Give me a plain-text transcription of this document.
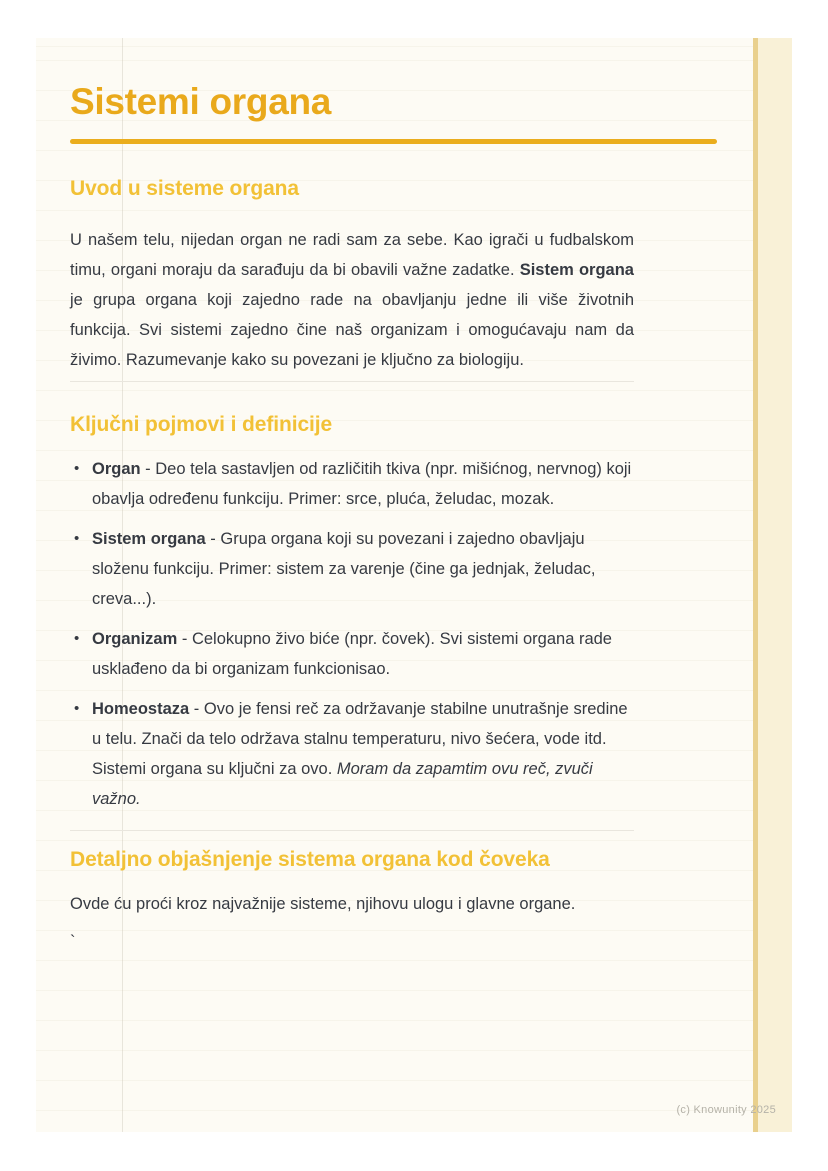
Sistemi organa
Uvod u sisteme organa

U našem telu, nijedan organ ne radi sam za sebe. Kao igrači u fudbalskom timu, organi moraju da sarađuju da bi obavili važne zadatke. Sistem organa je grupa organa koji zajedno rade na obavljanju jedne ili više životnih funkcija. Svi sistemi zajedno čine naš organizam i omogućavaju nam da živimo. Razumevanje kako su povezani je ključno za biologiju.

Ključni pojmovi i definicije
• Organ - Deo tela sastavljen od različitih tkiva (npr. mišićnog, nervnog) koji obavlja određenu funkciju. Primer: srce, pluća, želudac, mozak.
• Sistem organa - Grupa organa koji su povezani i zajedno obavljaju složenu funkciju. Primer: sistem za varenje (čine ga jednjak, želudac, creva...).
• Organizam - Celokupno živo biće (npr. čovek). Svi sistemi organa rade usklađeno da bi organizam funkcionisao.
• Homeostaza - Ovo je fensi reč za održavanje stabilne unutrašnje sredine u telu. Znači da telo održava stalnu temperaturu, nivo šećera, vode itd. Sistemi organa su ključni za ovo. Moram da zapamtim ovu reč, zvuči važno.
Detaljno objašnjenje sistema organa kod čoveka

Ovde ću proći kroz najvažnije sisteme, njihovu ulogu i glavne organe.

`
(c) Knowunity 2025
